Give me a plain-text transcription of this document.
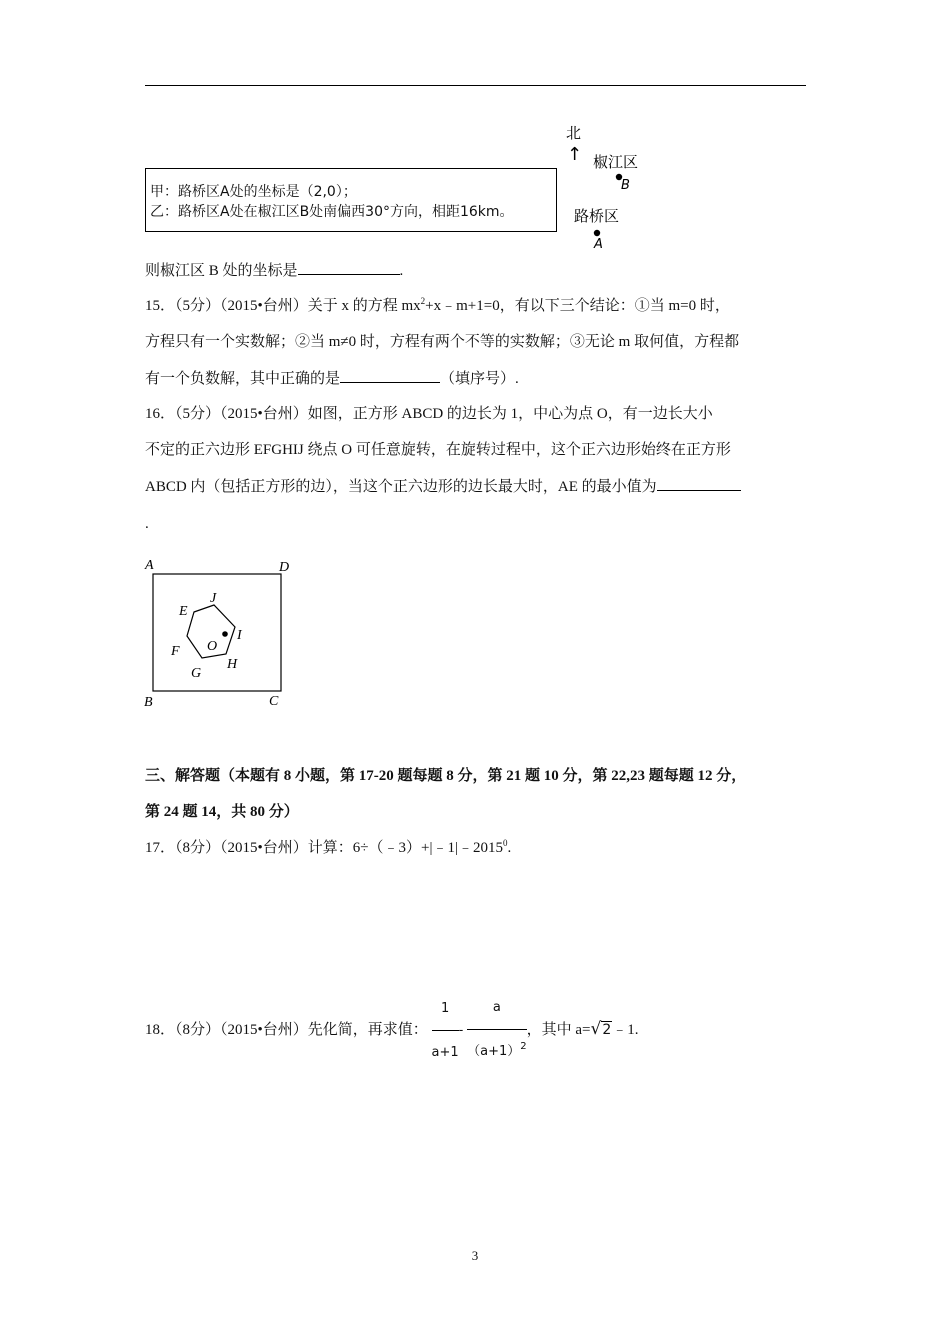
北
↑ 椒江区
B
路桥区
A
甲：路桥区A处的坐标是（2,0）；
乙：路桥区A处在椒江区B处南偏西30°方向，相距16km。
则椒江区 B 处的坐标是	.
15．（5分）（2015•台州）关于 x 的方程 $mx^2+x﹣m+1=0$，有以下三个结论：①当 m=0 时，
方程只有一个实数解；②当 m≠0 时，方程有两个不等的实数解；③无论 m 取何值，方程都
有一个负数解，其中正确的是	（填序号）.
16．（5分）（2015•台州）如图，正方形 ABCD 的边长为 1，中心为点 O，有一边长大小
不定的正六边形 EFGHIJ 绕点 O 可任意旋转，在旋转过程中，这个正六边形始终在正方形
ABCD 内（包括正方形的边），当这个正六边形的边长最大时，AE 的最小值为
.
A	D
B	C
E
J
I
F
G
H
O
三、解答题（本题有 8 小题，第 17-20 题每题 8 分，第 21 题 10 分，第 22,23 题每题 12 分，
第 24 题 14，共 80 分）
17．（8分）（2015•台州）计算：$6\div(﹣3)+|﹣1|﹣2015^0$.
18．（8分）（2015•台州）先化简，再求值： $\frac{1}{a+1} - \frac{a}{(a+1)^2}$ ，其中 a=√2﹣1.
3
